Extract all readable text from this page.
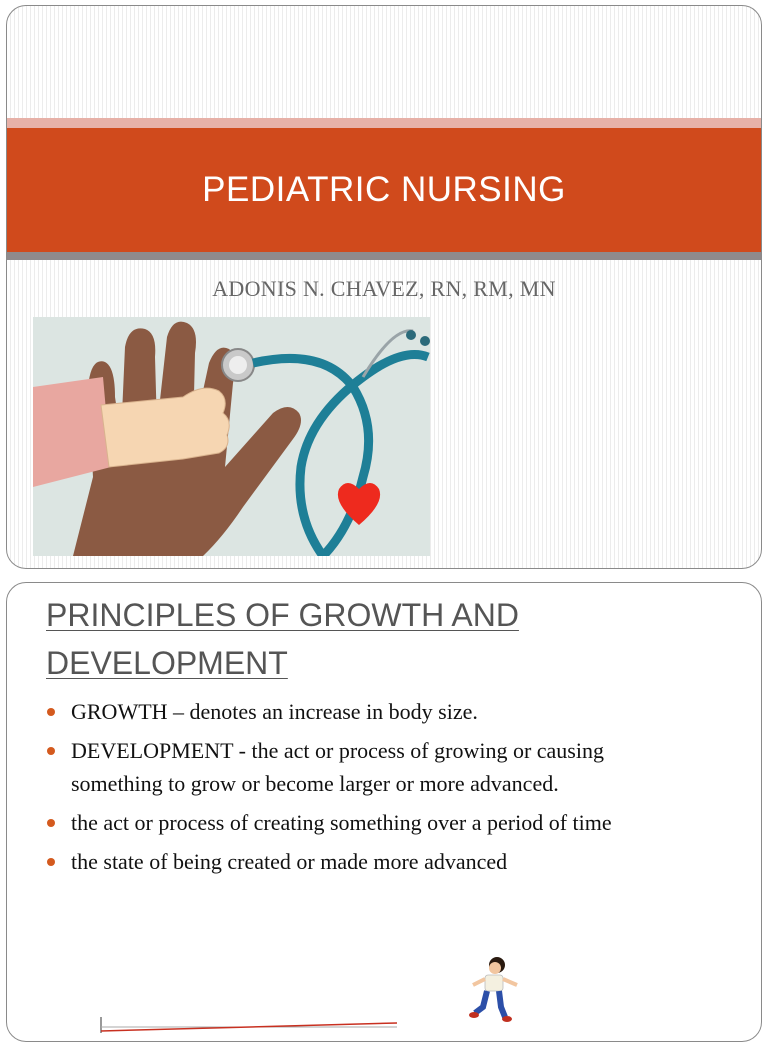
PEDIATRIC NURSING
ADONIS N. CHAVEZ, RN, RM, MN
PRINCIPLES OF GROWTH AND DEVELOPMENT
GROWTH – denotes an increase in body size.
DEVELOPMENT - the act or process of growing or causing something to grow or become larger or more advanced.
the act or process of creating something over a period of time
the state of being created or made more advanced
